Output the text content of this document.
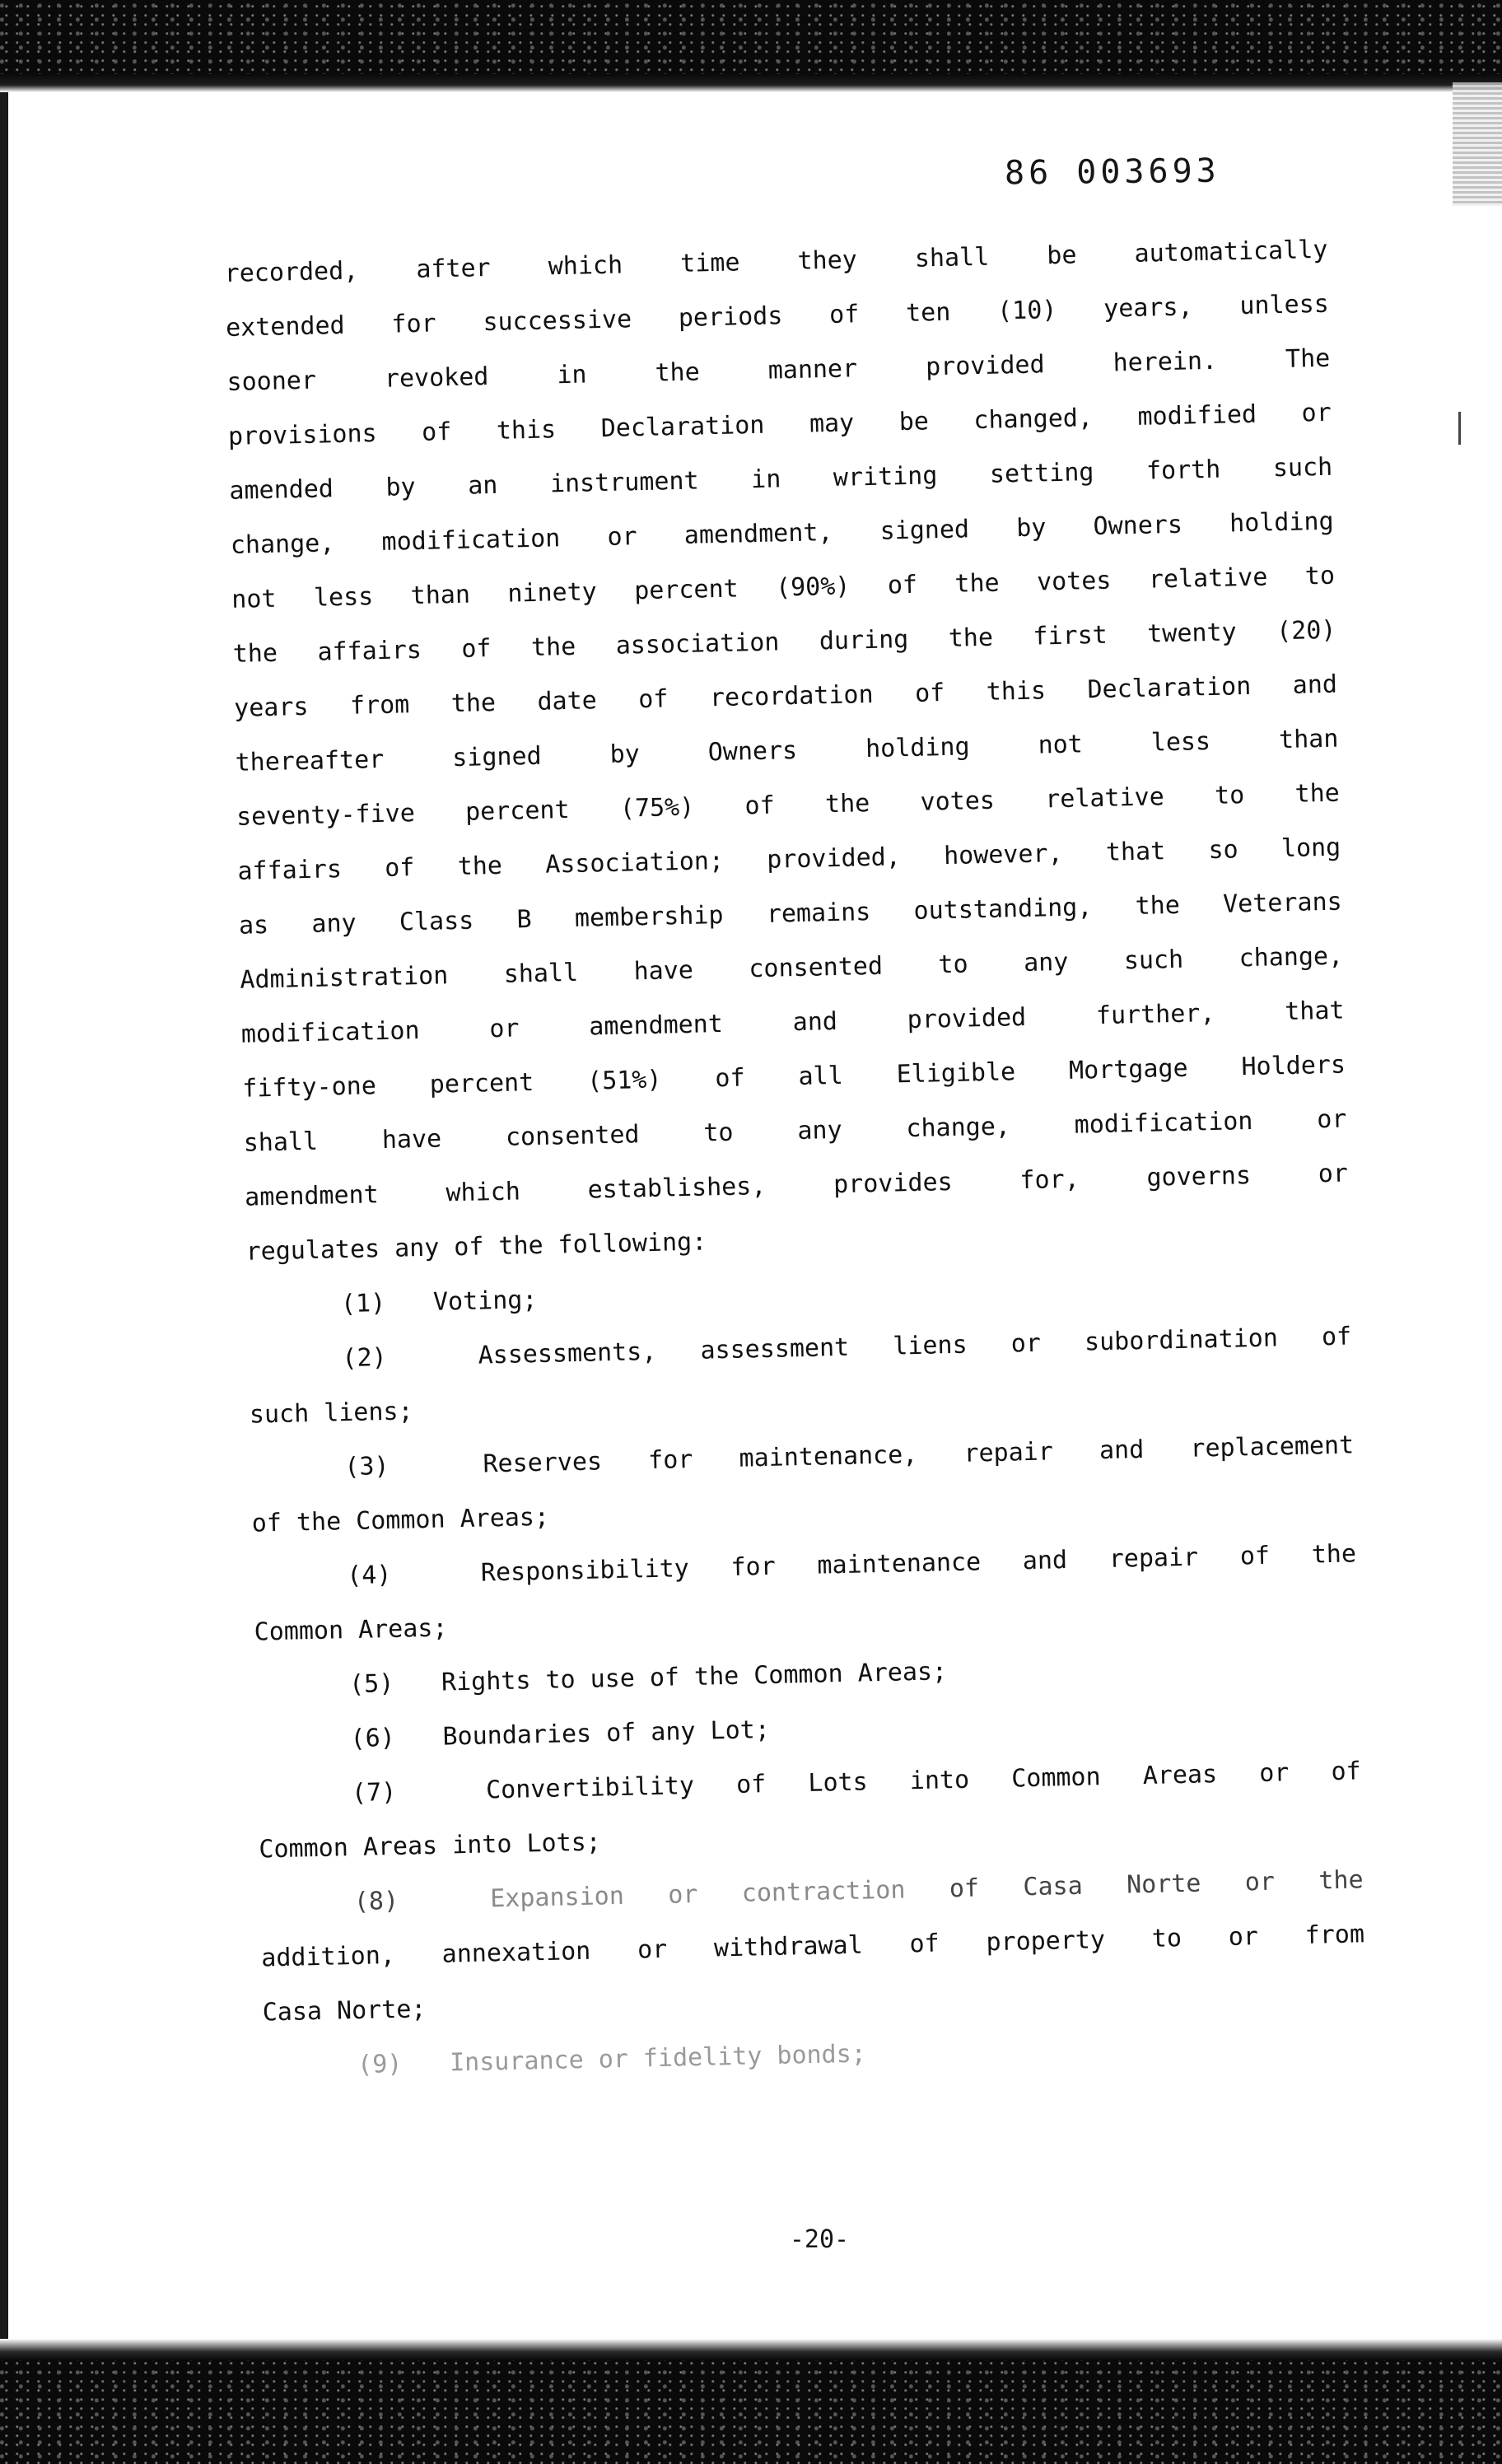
86 003693
recorded, after which time they shall be automatically
extended for successive periods of ten (10) years, unless
sooner	revoked	in	the	manner	provided	herein.	The
provisions of this Declaration may be changed, modified or
amended by an instrument in writing setting forth such
change, modification or amendment, signed by Owners holding
not less than ninety percent (90%) of the votes relative to
the affairs of the association during the first twenty (20)
years from the date of recordation of this Declaration and
thereafter	signed	by	Owners	holding	not	less	than
seventy-five percent (75%) of the votes relative to the
affairs of the Association; provided, however, that so long
as any Class B membership remains outstanding, the Veterans
Administration shall have consented to any such change,
modification	or	amendment	and	provided	further,	that
fifty-one percent (51%) of all Eligible Mortgage Holders
shall	have	consented	to	any	change,	modification	or
amendment	which	establishes,	provides	for,	governs	or
regulates any of the following:
(1) Voting;
(2)	Assessments, assessment liens or subordination of
such liens;
(3)	Reserves for maintenance, repair and replacement
of the Common Areas;
(4)	Responsibility for maintenance and repair of the
Common Areas;
(5) Rights to use of the Common Areas;
(6) Boundaries of any Lot;
(7)	Convertibility of Lots into Common Areas or of
Common Areas into Lots;
(8)	Expansion or contraction of Casa Norte or the
addition, annexation or withdrawal of property to or from
Casa Norte;
(9) Insurance or fidelity bonds;
-20-
